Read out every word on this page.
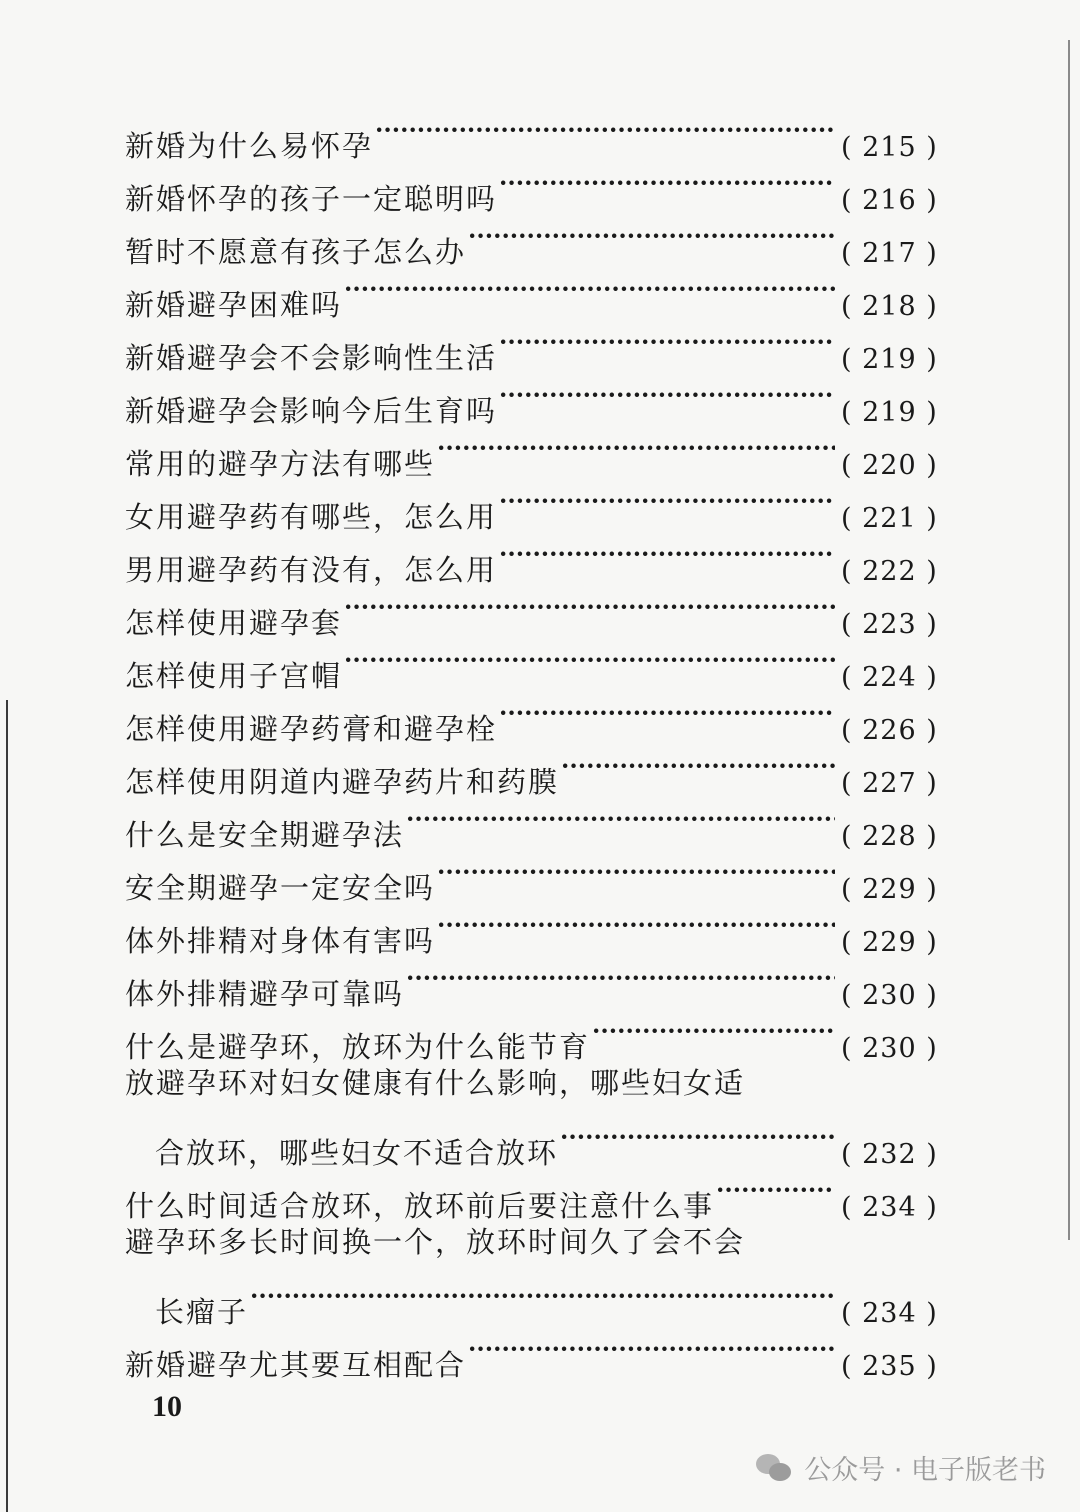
新婚为什么易怀孕 ·····	( 215 )
新婚怀孕的孩子一定聪明吗 ·····	( 216 )
暂时不愿意有孩子怎么办 ·····	( 217 )
新婚避孕困难吗 ·····	( 218 )
新婚避孕会不会影响性生活 ·····	( 219 )
新婚避孕会影响今后生育吗 ·····	( 219 )
常用的避孕方法有哪些 ·····	( 220 )
女用避孕药有哪些，怎么用 ·····	( 221 )
男用避孕药有没有，怎么用 ·····	( 222 )
怎样使用避孕套 ·····	( 223 )
怎样使用子宫帽 ·····	( 224 )
怎样使用避孕药膏和避孕栓 ·····	( 226 )
怎样使用阴道内避孕药片和药膜 ·····	( 227 )
什么是安全期避孕法 ·····	( 228 )
安全期避孕一定安全吗 ·····	( 229 )
体外排精对身体有害吗 ·····	( 229 )
体外排精避孕可靠吗 ·····	( 230 )
什么是避孕环，放环为什么能节育 ·····	( 230 )
放避孕环对妇女健康有什么影响，哪些妇女适
合放环，哪些妇女不适合放环 ·····	( 232 )
什么时间适合放环，放环前后要注意什么事 ·····	( 234 )
避孕环多长时间换一个，放环时间久了会不会
长瘤子 ·····	( 234 )
新婚避孕尤其要互相配合 ·····	( 235 )
10
公众号 · 电子版老书
